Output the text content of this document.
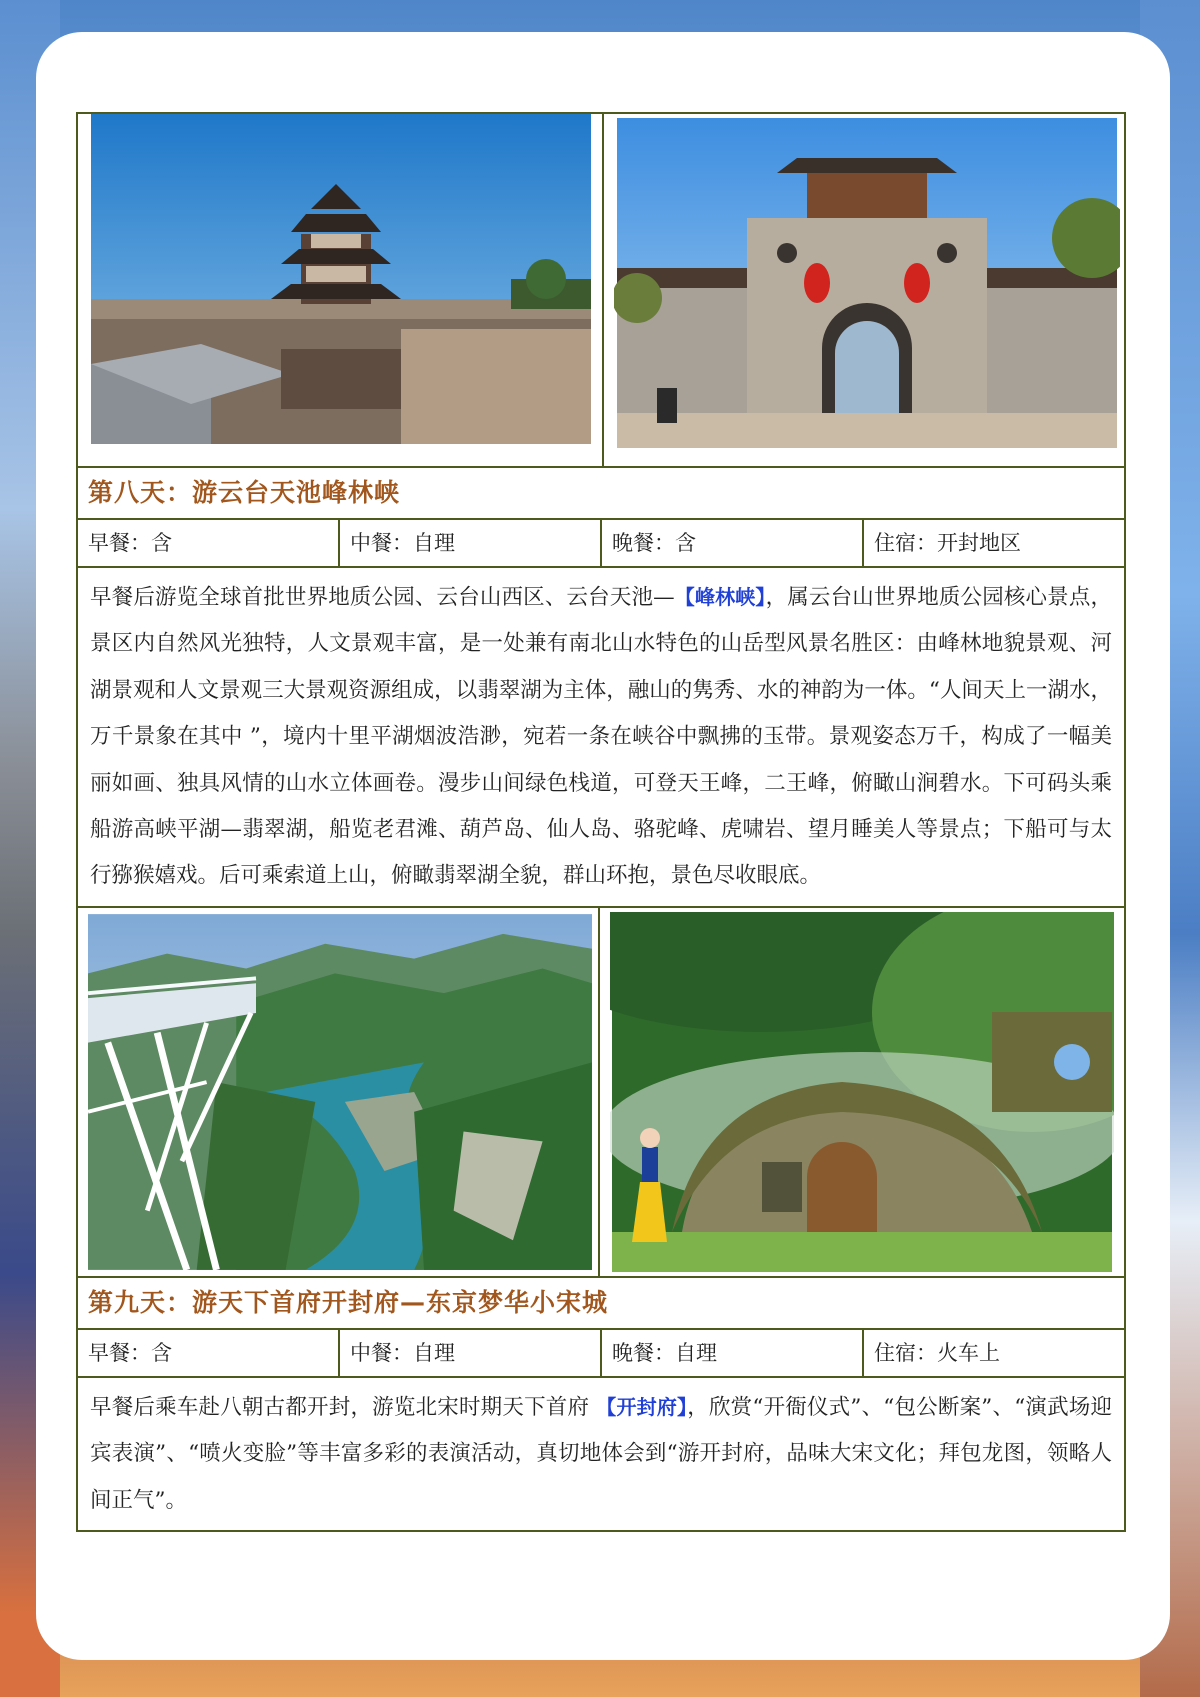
第八天：游云台天池峰林峡
早餐：含	中餐：自理	晚餐：含	住宿：开封地区
早餐后游览全球首批世界地质公园、云台山西区、云台天池—【峰林峡】，属云台山世界地质公园核心景点，景区内自然风光独特，人文景观丰富，是一处兼有南北山水特色的山岳型风景名胜区：由峰林地貌景观、河湖景观和人文景观三大景观资源组成，以翡翠湖为主体，融山的隽秀、水的神韵为一体。“人间天上一湖水，万千景象在其中 ”，境内十里平湖烟波浩渺，宛若一条在峡谷中飘拂的玉带。景观姿态万千，构成了一幅美丽如画、独具风情的山水立体画卷。漫步山间绿色栈道，可登天王峰，二王峰，俯瞰山涧碧水。下可码头乘船游高峡平湖—翡翠湖，船览老君滩、葫芦岛、仙人岛、骆驼峰、虎啸岩、望月睡美人等景点；下船可与太行猕猴嬉戏。后可乘索道上山，俯瞰翡翠湖全貌，群山环抱，景色尽收眼底。
第九天：游天下首府开封府—东京梦华小宋城
早餐：含	中餐：自理	晚餐：自理	住宿：火车上
早餐后乘车赴八朝古都开封，游览北宋时期天下首府 【开封府】，欣赏“开衙仪式”、“包公断案”、“演武场迎宾表演”、“喷火变脸”等丰富多彩的表演活动，真切地体会到“游开封府，品味大宋文化；拜包龙图，领略人间正气”。
